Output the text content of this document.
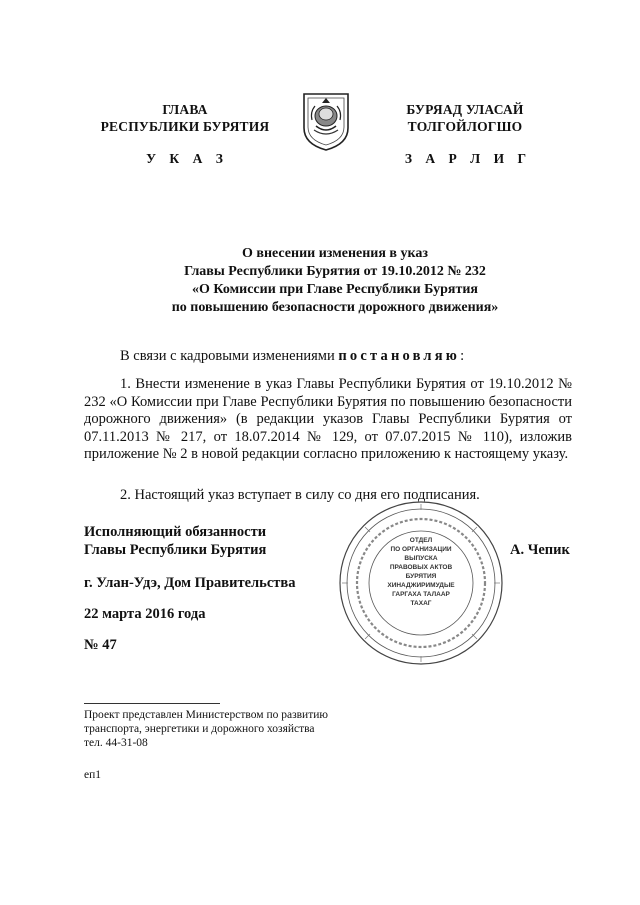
ГЛАВА
РЕСПУБЛИКИ БУРЯТИЯ
У К А З
БУРЯАД УЛАСАЙ
ТОЛГОЙЛОГШО
З А Р Л И Г
О внесении изменения в указ
Главы Республики Бурятия от 19.10.2012 № 232
«О Комиссии при Главе Республики Бурятия
по повышению безопасности дорожного движения»
В связи с кадровыми изменениями постановляю:
1. Внести изменение в указ Главы Республики Бурятия от 19.10.2012 № 232 «О Комиссии при Главе Республики Бурятия по повышению безопасности дорожного движения» (в редакции указов Главы Республики Бурятия от 07.11.2013 № 217, от 18.07.2014 № 129, от 07.07.2015 № 110), изложив приложение № 2 в новой редакции согласно приложению к настоящему указу.
2. Настоящий указ вступает в силу со дня его подписания.
Исполняющий обязанности
Главы Республики Бурятия	А. Чепик
ОТДЕЛ
ПО ОРГАНИЗАЦИИ
ВЫПУСКА
ПРАВОВЫХ АКТОВ
БУРЯТИЯ
ХИНАДЖИРИМУДЫЕ
ГАРГАХА ТАЛААР
ТАХАГ
г. Улан-Удэ, Дом Правительства
22 марта 2016 года
№ 47
Проект представлен Министерством по развитию
транспорта, энергетики и дорожного хозяйства
тел. 44-31-08
еп1
